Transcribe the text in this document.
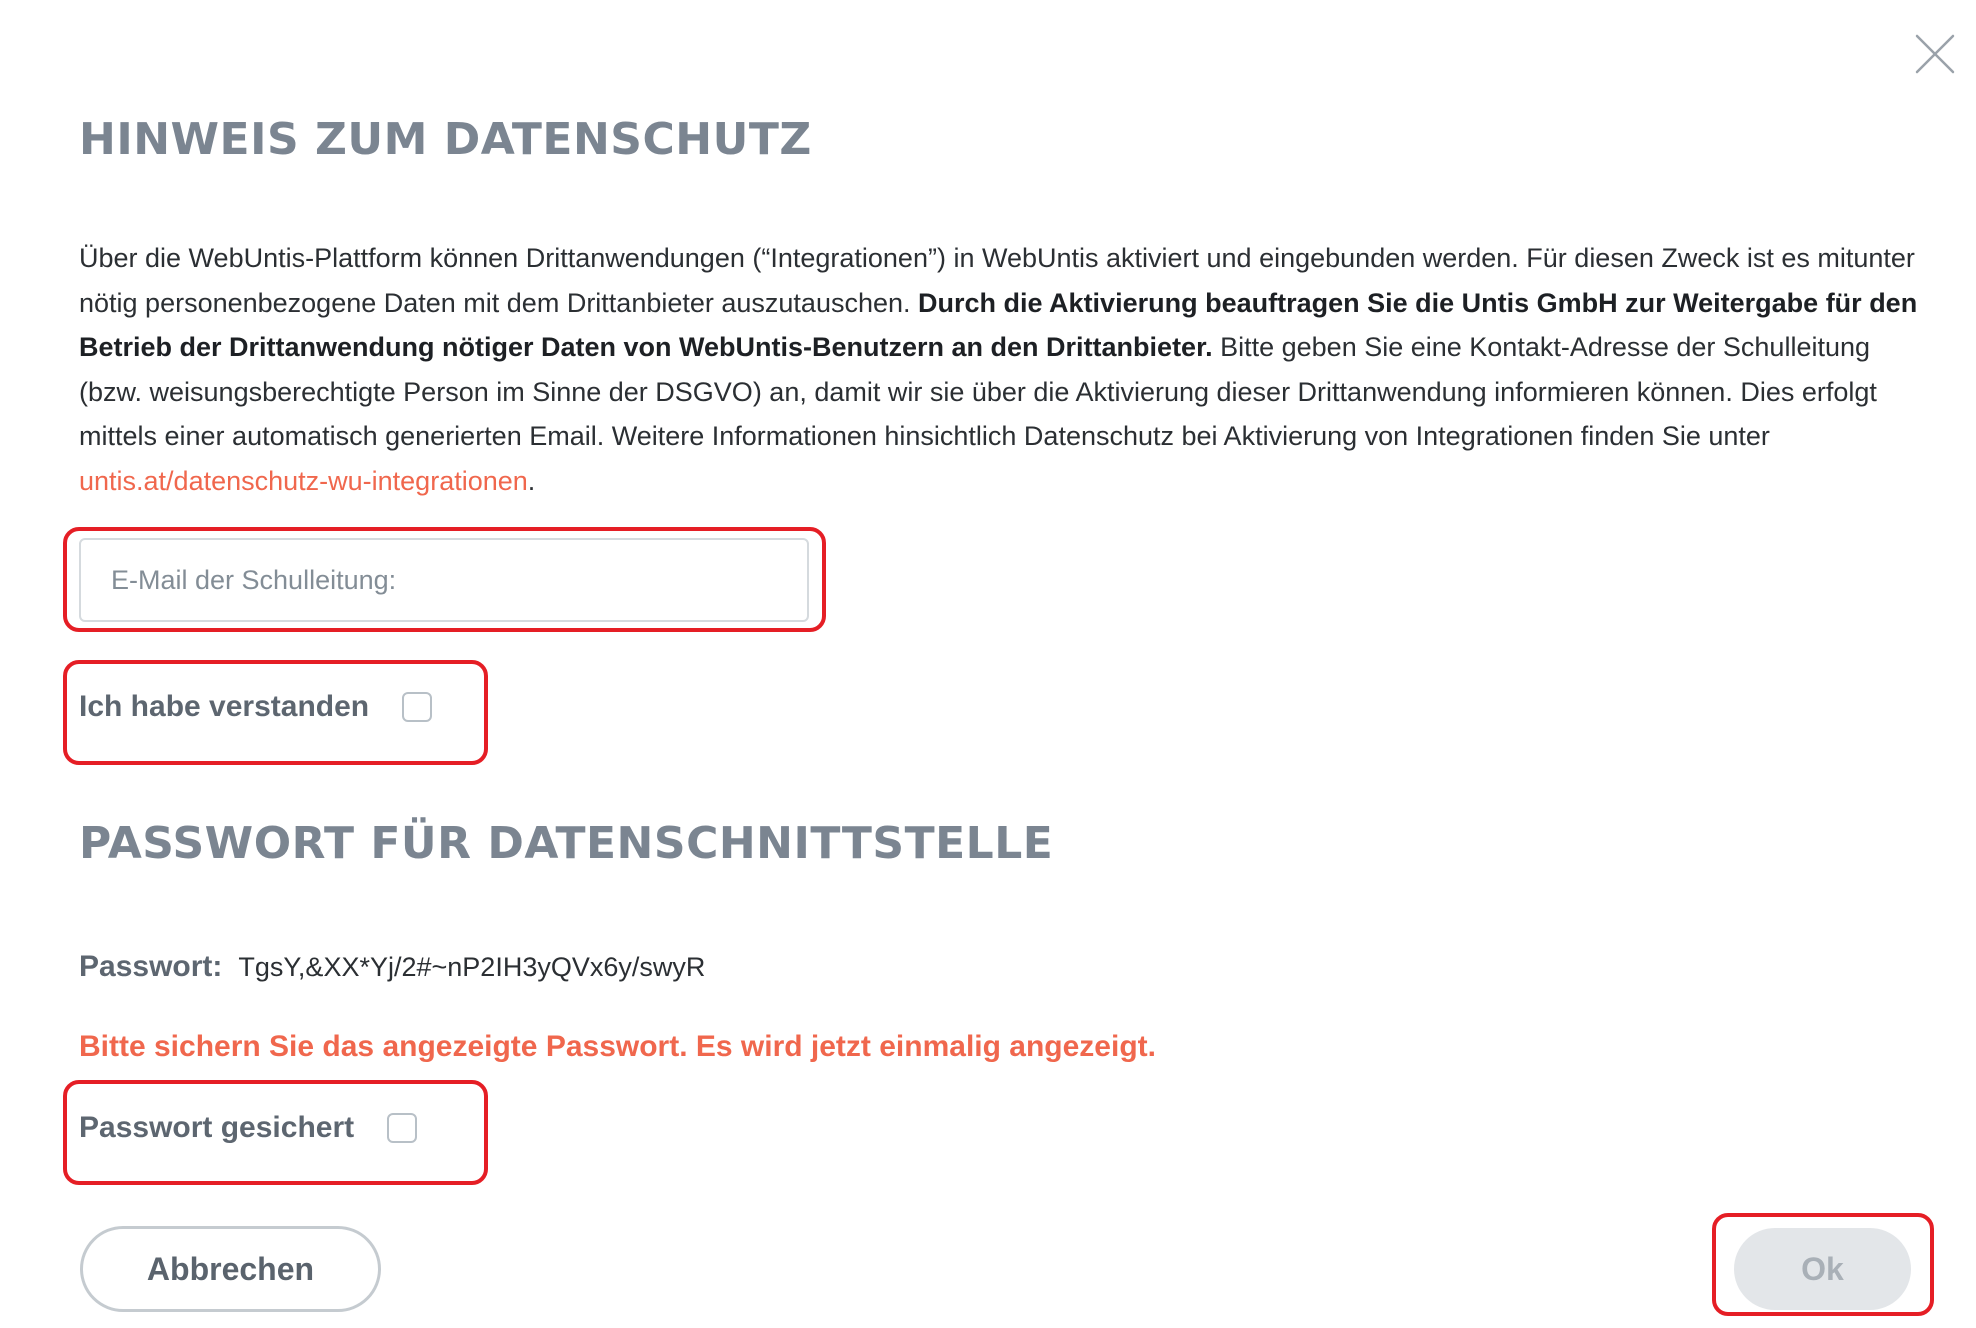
HINWEIS ZUM DATENSCHUTZ

Über die WebUntis-Plattform können Drittanwendungen (“Integrationen”) in WebUntis aktiviert und eingebunden werden. Für diesen Zweck ist es mitunter nötig personenbezogene Daten mit dem Drittanbieter auszutauschen. Durch die Aktivierung beauftragen Sie die Untis GmbH zur Weitergabe für den Betrieb der Drittanwendung nötiger Daten von WebUntis-Benutzern an den Drittanbieter. Bitte geben Sie eine Kontakt-Adresse der Schulleitung (bzw. weisungsberechtigte Person im Sinne der DSGVO) an, damit wir sie über die Aktivierung dieser Drittanwendung informieren können. Dies erfolgt mittels einer automatisch generierten Email. Weitere Informationen hinsichtlich Datenschutz bei Aktivierung von Integrationen finden Sie unter untis.at/datenschutz-wu-integrationen.

E-Mail der Schulleitung:
Ich habe verstanden
PASSWORT FÜR DATENSCHNITTSTELLE
Passwort: TgsY,&XX*Yj/2#~nP2IH3yQVx6y/swyR

Bitte sichern Sie das angezeigte Passwort. Es wird jetzt einmalig angezeigt.

Passwort gesichert
Abbrechen	Ok
